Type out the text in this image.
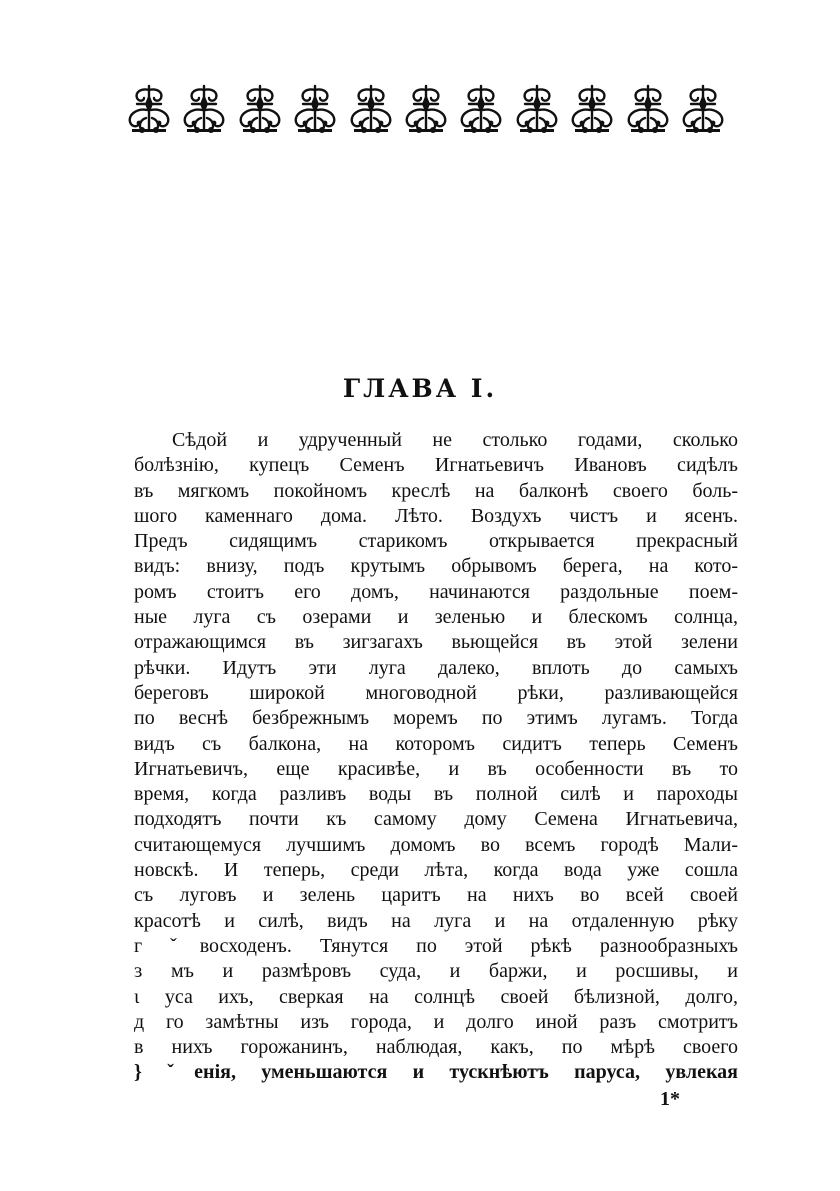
ГЛАВА I.
Сѣдой и удрученный не столько годами, сколько
болѣзнію, купецъ Семенъ Игнатьевичъ Ивановъ сидѣлъ
въ мягкомъ покойномъ креслѣ на балконѣ своего боль-
шого каменнаго дома. Лѣто. Воздухъ чистъ и ясенъ.
Предъ сидящимъ старикомъ открывается прекрасный
видъ: внизу, подъ крутымъ обрывомъ берега, на кото-
ромъ стоитъ его домъ, начинаются раздольные поем-
ные луга съ озерами и зеленью и блескомъ солнца,
отражающимся въ зигзагахъ вьющейся въ этой зелени
рѣчки. Идутъ эти луга далеко, вплоть до самыхъ
береговъ широкой многоводной рѣки, разливающейся
по веснѣ безбрежнымъ моремъ по этимъ лугамъ. Тогда
видъ съ балкона, на которомъ сидитъ теперь Семенъ
Игнатьевичъ, еще красивѣе, и въ особенности въ то
время, когда разливъ воды въ полной силѣ и пароходы
подходятъ почти къ самому дому Семена Игнатьевича,
считающемуся лучшимъ домомъ во всемъ городѣ Мали-
новскѣ. И теперь, среди лѣта, когда вода уже сошла
съ луговъ и зелень царитъ на нихъ во всей своей
красотѣ и силѣ, видъ на луга и на отдаленную рѣку
г ˇвосходенъ. Тянутся по этой рѣкѣ разнообразныхъ
ɜ мъ и размѣровъ суда, и баржи, и росшивы, и
ι уса ихъ, сверкая на солнцѣ своей бѣлизной, долго,
д го замѣтны изъ города, и долго иной разъ смотритъ
в нихъ горожанинъ, наблюдая, какъ, по мѣрѣ своего
} ˇенія, уменьшаются и тускнѣютъ паруса, увлекая
1*
